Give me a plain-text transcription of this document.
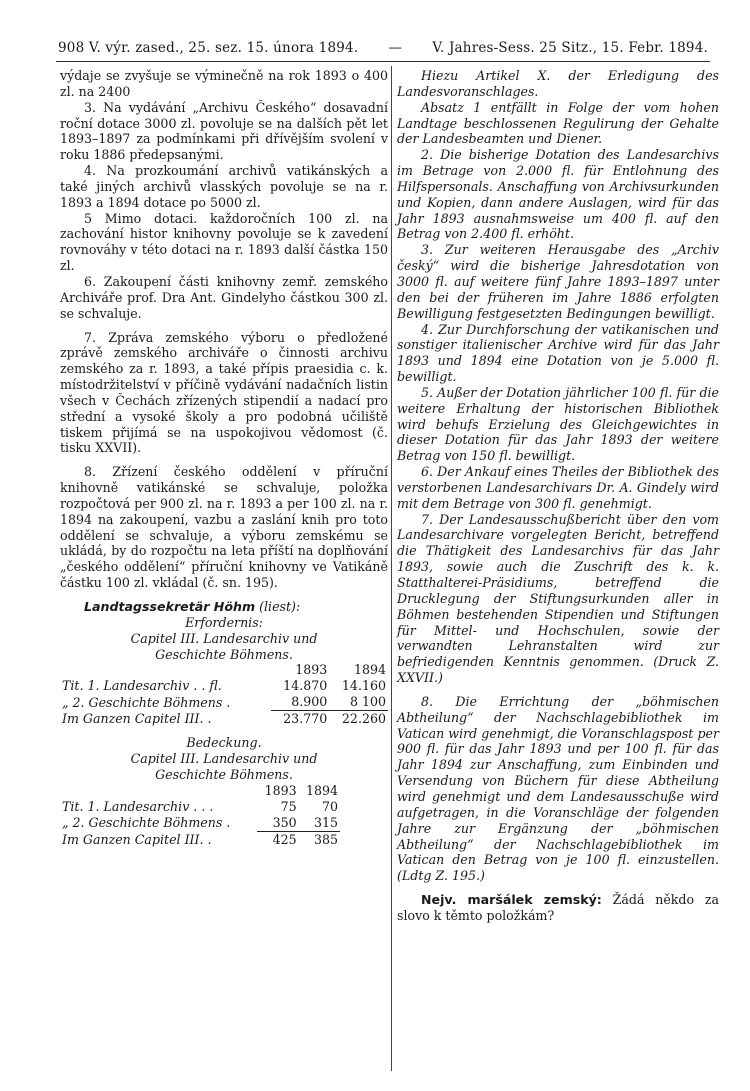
908 V. výr. zased., 25. sez. 15. února 1894. — V. Jahres-Sess. 25 Sitz., 15. Febr. 1894.
výdaje se zvyšuje se výminečně na rok 1893 o 400 zl. na 2400
3. Na vydávání „Archivu Českého“ dosavadní roční dotace 3000 zl. povoluje se na dalších pět let 1893–1897 za podmínkami při dřívějším svolení v roku 1886 předepsanými.
4. Na prozkoumání archivů vatikánských a také jiných archivů vlasských povoluje se na r. 1893 a 1894 dotace po 5000 zl.
5 Mimo dotaci. každoročních 100 zl. na zachování histor knihovny povoluje se k zavedení rovnováhy v této dotaci na r. 1893 další částka 150 zl.
6. Zakoupení části knihovny zemř. zemského Archiváře prof. Dra Ant. Gindelyho částkou 300 zl. se schvaluje.
7. Zpráva zemského výboru o předložené zprávě zemského archiváře o činnosti archivu zemského za r. 1893, a také přípis praesidia c. k. místodržitelství v příčině vydávání nadačních listin všech v Čechách zřízených stipendií a nadací pro střední a vysoké školy a pro podobná učiliště tiskem přijímá se na uspokojivou vědomost (č. tisku XXVII).
8. Zřízení českého oddělení v příruční knihovně vatikánské se schvaluje, položka rozpočtová per 900 zl. na r. 1893 a per 100 zl. na r. 1894 na zakoupení, vazbu a zaslání knih pro toto oddělení se schvaluje, a výboru zemskému se ukládá, by do rozpočtu na leta příští na doplňování „českého oddělení“ příruční knihovny ve Vatikáně částku 100 zl. vkládal (č. sn. 195).
Landtagssekretär Höhm (liest):
Erfordernis:
Capitel III. Landesarchiv und Geschichte Böhmens.
	1893	1894
Tit. 1. Landesarchiv . . fl.	14.870	14.160
„ 2. Geschichte Böhmens .	8.900	8 100
Im Ganzen Capitel III. .	23.770	22.260
Bedeckung.
Capitel III. Landesarchiv und Geschichte Böhmens.
	1893	1894
Tit. 1. Landesarchiv . . .	75	70
„ 2. Geschichte Böhmens .	350	315
Im Ganzen Capitel III. .	425	385
Hiezu Artikel X. der Erledigung des Landesvoranschlages.
Absatz 1 entfällt in Folge der vom hohen Landtage beschlossenen Regulirung der Gehalte der Landesbeamten und Diener.
2. Die bisherige Dotation des Landesarchivs im Betrage von 2.000 fl. für Entlohnung des Hilfspersonals. Anschaffung von Archivsurkunden und Kopien, dann andere Auslagen, wird für das Jahr 1893 ausnahmsweise um 400 fl. auf den Betrag von 2.400 fl. erhöht.
3. Zur weiteren Herausgabe des „Archiv český“ wird die bisherige Jahresdotation von 3000 fl. auf weitere fünf Jahre 1893–1897 unter den bei der früheren im Jahre 1886 erfolgten Bewilligung festgesetzten Bedingungen bewilligt.
4. Zur Durchforschung der vatikanischen und sonstiger italienischer Archive wird für das Jahr 1893 und 1894 eine Dotation von je 5.000 fl. bewilligt.
5. Außer der Dotation jährlicher 100 fl. für die weitere Erhaltung der historischen Bibliothek wird behufs Erzielung des Gleichgewichtes in dieser Dotation für das Jahr 1893 der weitere Betrag von 150 fl. bewilligt.
6. Der Ankauf eines Theiles der Bibliothek des verstorbenen Landesarchivars Dr. A. Gindely wird mit dem Betrage von 300 fl. genehmigt.
7. Der Landesausschußbericht über den vom Landesarchivare vorgelegten Bericht, betreffend die Thätigkeit des Landesarchivs für das Jahr 1893, sowie auch die Zuschrift des k. k. Statthalterei-Präsidiums, betreffend die Drucklegung der Stiftungsurkunden aller in Böhmen bestehenden Stipendien und Stiftungen für Mittel- und Hochschulen, sowie der verwandten Lehranstalten wird zur befriedigenden Kenntnis genommen. (Druck Z. XXVII.)
8. Die Errichtung der „böhmischen Abtheilung“ der Nachschlagebibliothek im Vatican wird genehmigt, die Voranschlagspost per 900 fl. für das Jahr 1893 und per 100 fl. für das Jahr 1894 zur Anschaffung, zum Einbinden und Versendung von Büchern für diese Abtheilung wird genehmigt und dem Landesausschuße wird aufgetragen, in die Voranschläge der folgenden Jahre zur Ergänzung der „böhmischen Abtheilung“ der Nachschlagebibliothek im Vatican den Betrag von je 100 fl. einzustellen. (Ldtg Z. 195.)
Nejv. maršálek zemský: Žádá někdo za slovo k těmto položkám?
